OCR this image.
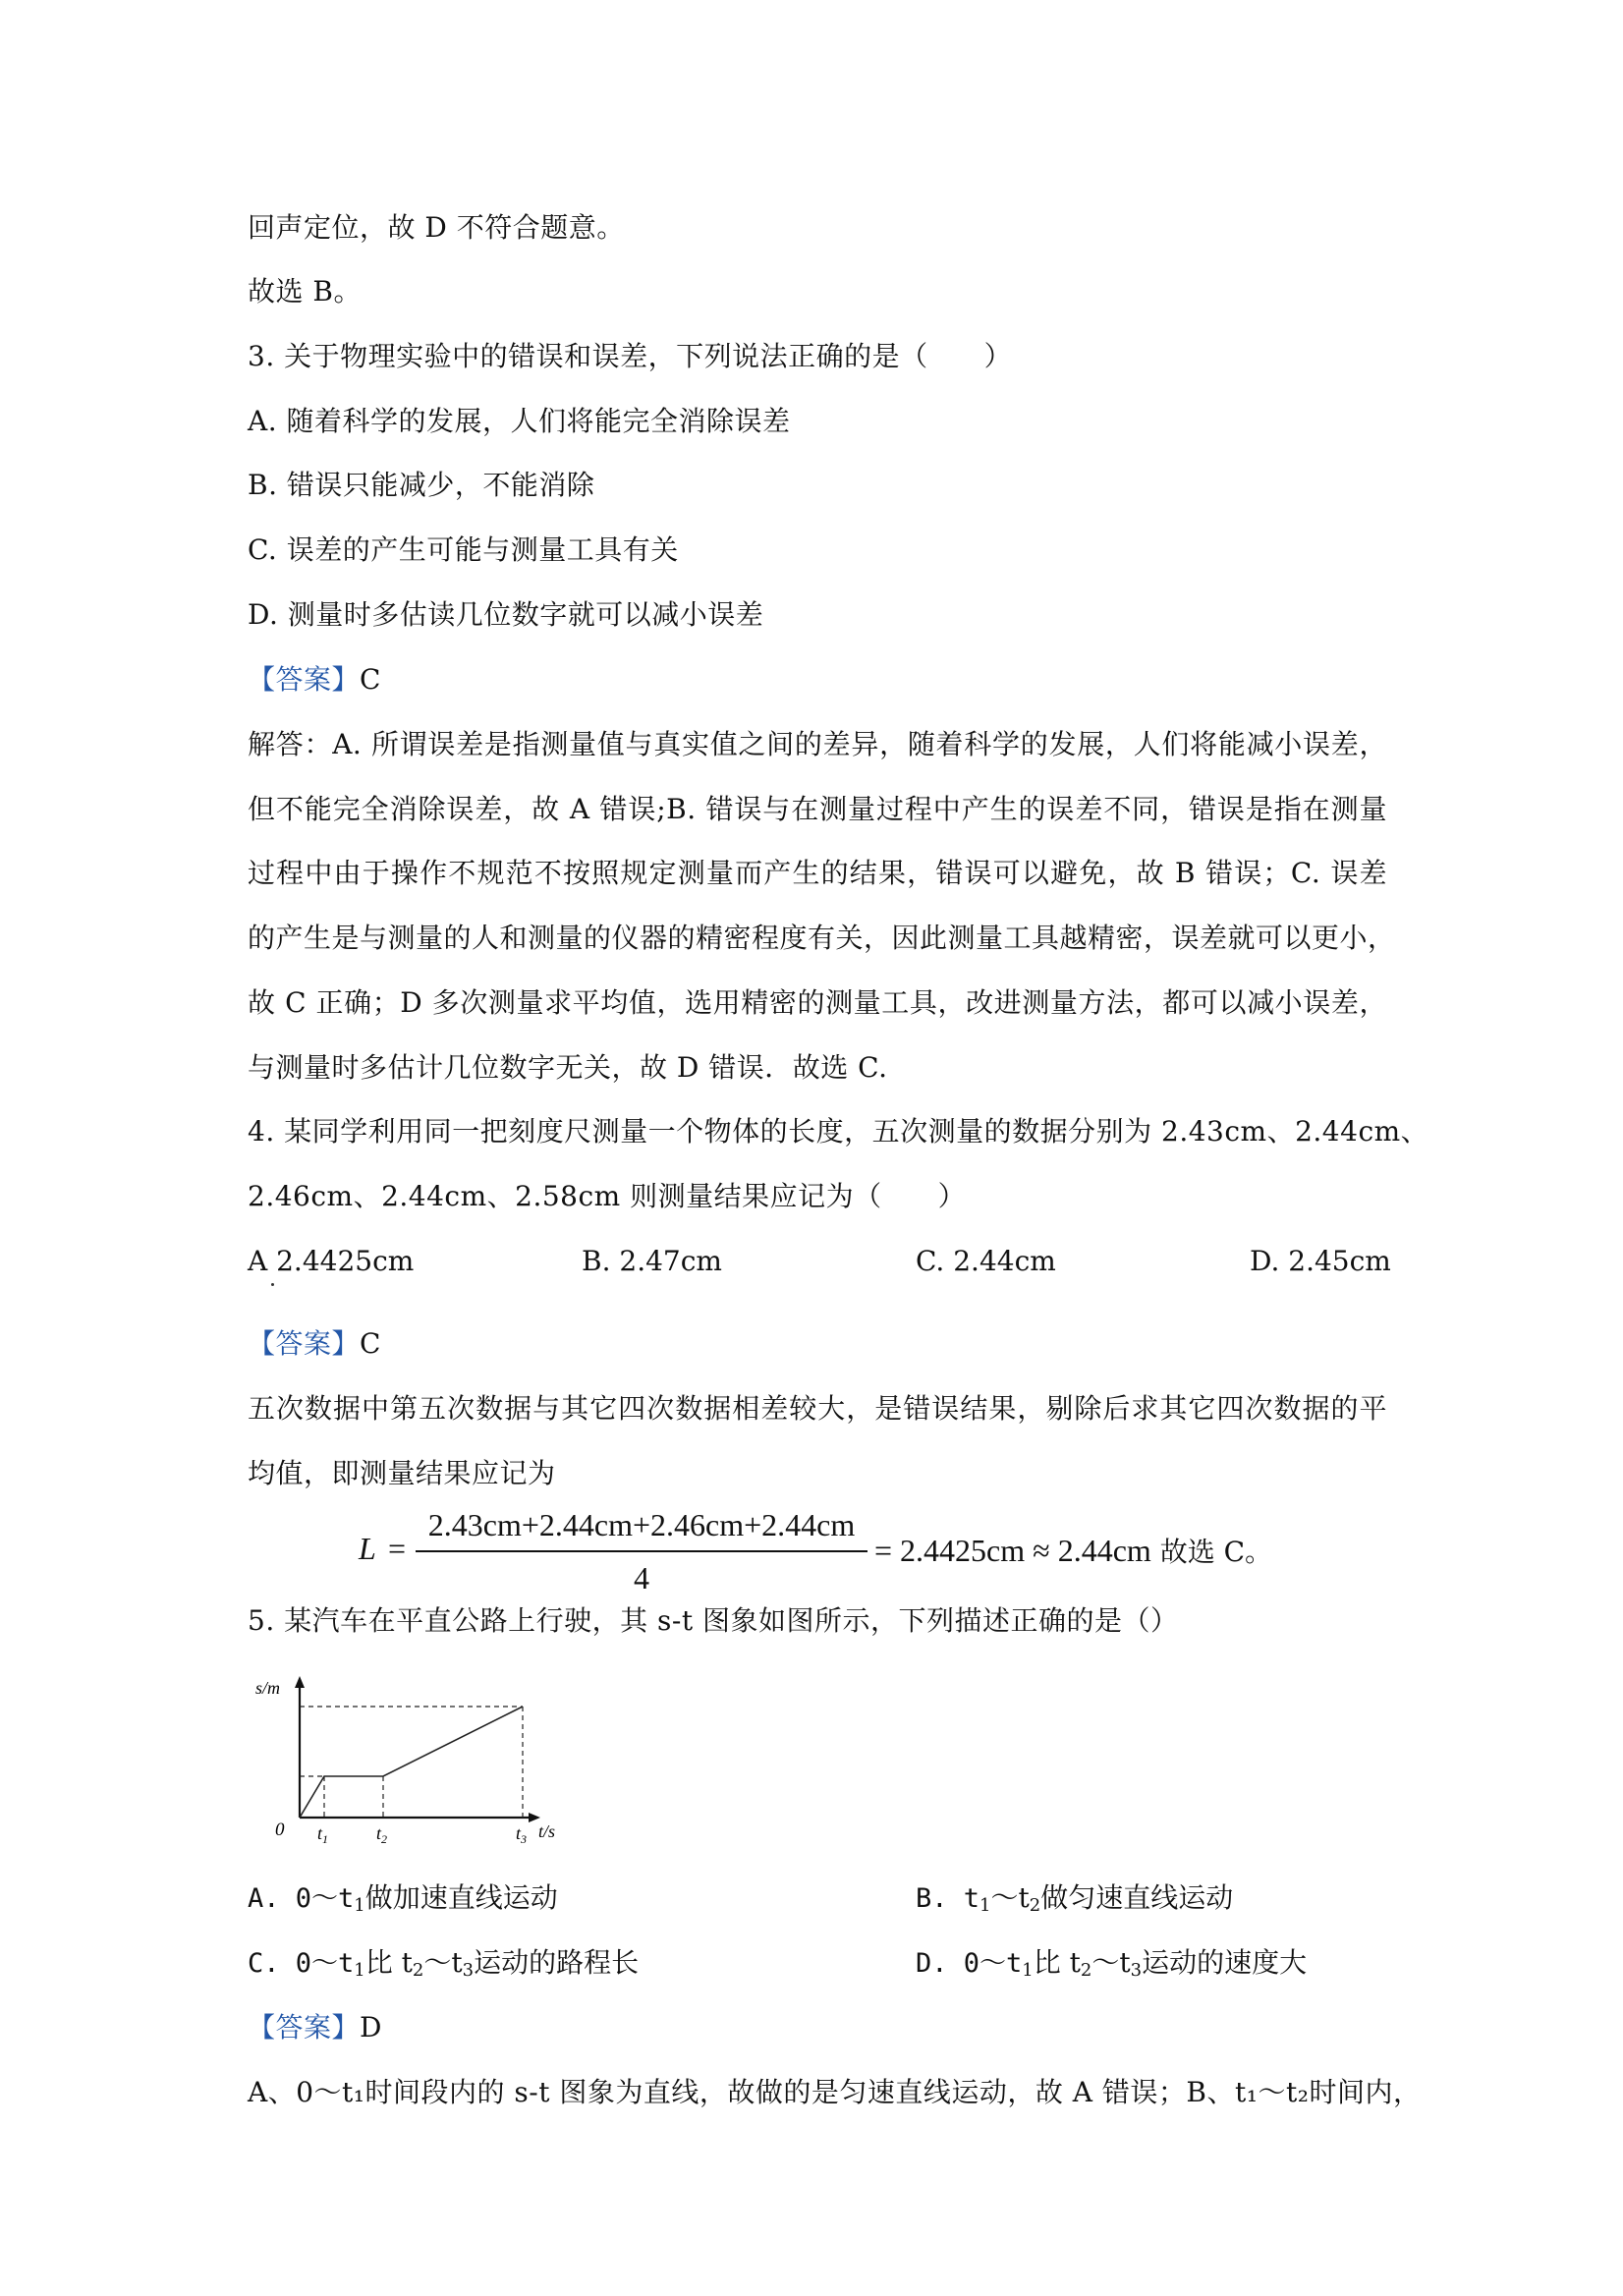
回声定位，故 D 不符合题意。
故选 B。
3. 关于物理实验中的错误和误差，下列说法正确的是（　　）
A. 随着科学的发展，人们将能完全消除误差
B. 错误只能减少，不能消除
C. 误差的产生可能与测量工具有关
D. 测量时多估读几位数字就可以减小误差
【答案】C
解答：A. 所谓误差是指测量值与真实值之间的差异，随着科学的发展，人们将能减小误差，
但不能完全消除误差，故 A 错误;B. 错误与在测量过程中产生的误差不同，错误是指在测量
过程中由于操作不规范不按照规定测量而产生的结果，错误可以避免，故 B 错误；C. 误差
的产生是与测量的人和测量的仪器的精密程度有关，因此测量工具越精密，误差就可以更小，
故 C 正确；D 多次测量求平均值，选用精密的测量工具，改进测量方法，都可以减小误差，
与测量时多估计几位数字无关，故 D 错误．故选 C.
4. 某同学利用同一把刻度尺测量一个物体的长度，五次测量的数据分别为 2.43cm、2.44cm、
2.46cm、2.44cm、2.58cm 则测量结果应记为（　　）
A 2.4425cm	B. 2.47cm	C. 2.44cm	D. 2.45cm
【答案】C
五次数据中第五次数据与其它四次数据相差较大，是错误结果，剔除后求其它四次数据的平
均值，即测量结果应记为
L =
2.43cm+2.44cm+2.46cm+2.44cm
4
= 2.4425cm ≈ 2.44cm 故选 C。
5. 某汽车在平直公路上行驶，其 s-t 图象如图所示，下列描述正确的是（）
s/m
0 $t_1$	$t_2$	$t_3$ t/s
A. $0\sim t_1$做加速直线运动	B. $t_1\sim t_2$做匀速直线运动
C. $0\sim t_1$比 $t_2\sim t_3$运动的路程长	D. $0\sim t_1$比 $t_2\sim t_3$运动的速度大
【答案】D
A、0～t₁时间段内的 s-t 图象为直线，故做的是匀速直线运动，故 A 错误；B、t₁～t₂时间内，
